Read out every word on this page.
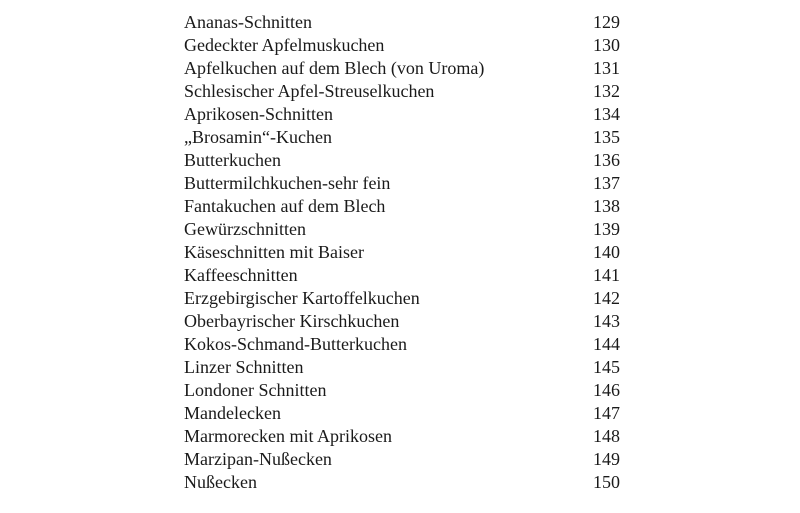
Ananas-Schnitten	129
Gedeckter Apfelmuskuchen	130
Apfelkuchen auf dem Blech (von Uroma)	131
Schlesischer Apfel-Streuselkuchen	132
Aprikosen-Schnitten	134
„Brosamin“-Kuchen	135
Butterkuchen	136
Buttermilchkuchen-sehr fein	137
Fantakuchen auf dem Blech	138
Gewürzschnitten	139
Käseschnitten mit Baiser	140
Kaffeeschnitten	141
Erzgebirgischer Kartoffelkuchen	142
Oberbayrischer Kirschkuchen	143
Kokos-Schmand-Butterkuchen	144
Linzer Schnitten	145
Londoner Schnitten	146
Mandelecken	147
Marmorecken mit Aprikosen	148
Marzipan-Nußecken	149
Nußecken	150
